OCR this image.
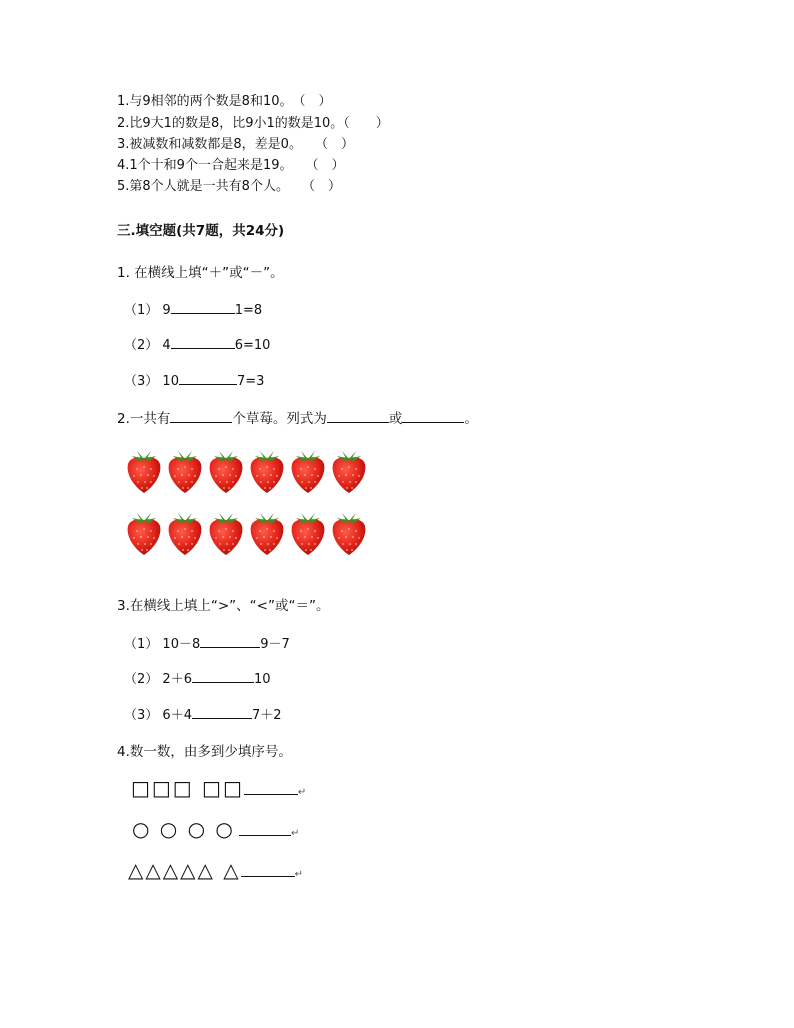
1.与9相邻的两个数是8和10。　（　）
2.比9大1的数是8，比9小1的数是10。（　　）
3.被减数和减数都是8，差是0。　　（　）
4.1个十和9个一合起来是19。　　（　）
5.第8个人就是一共有8个人。　　（　）
三.填空题(共7题，共24分)
1. 在横线上填“＋”或“－”。
（1） 9	1=8
（2） 4	6=10
（3） 10	7=3
2.一共有	个草莓。列式为	或	。
3.在横线上填上“>”、“<”或“＝”。
（1） 10－8	9－7
（2） 2＋6	10
（3） 6＋4	7＋2
4.数一数，由多到少填序号。
□□□ □□	↵
○ ○ ○ ○	↵
△△△△△ △	↵
